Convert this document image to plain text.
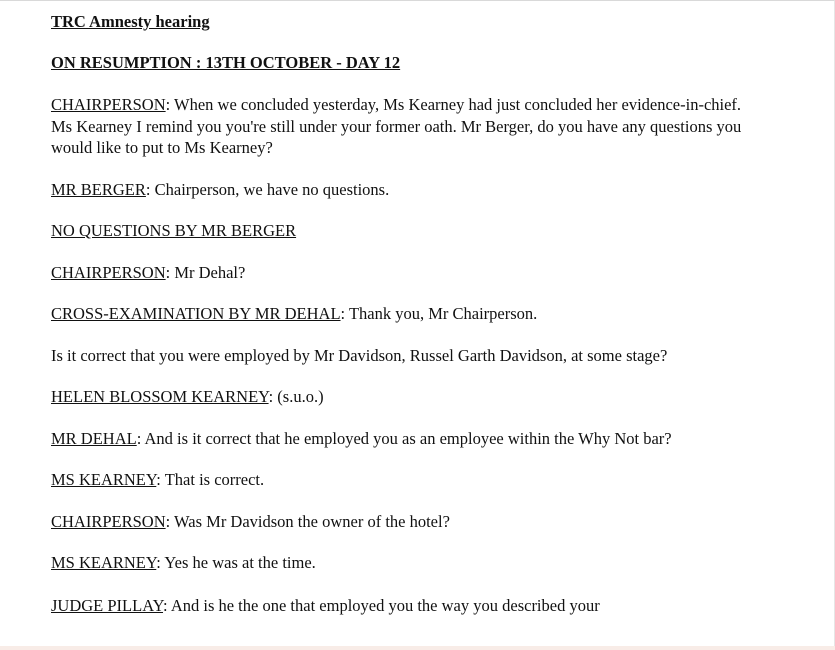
TRC Amnesty hearing
ON RESUMPTION : 13TH OCTOBER - DAY 12

CHAIRPERSON: When we concluded yesterday, Ms Kearney had just concluded her evidence-in-chief. Ms Kearney I remind you you're still under your former oath. Mr Berger, do you have any questions you would like to put to Ms Kearney?

MR BERGER: Chairperson, we have no questions.

NO QUESTIONS BY MR BERGER

CHAIRPERSON: Mr Dehal?

CROSS-EXAMINATION BY MR DEHAL: Thank you, Mr Chairperson.

Is it correct that you were employed by Mr Davidson, Russel Garth Davidson, at some stage?

HELEN BLOSSOM KEARNEY: (s.u.o.)

MR DEHAL: And is it correct that he employed you as an employee within the Why Not bar?

MS KEARNEY: That is correct.

CHAIRPERSON: Was Mr Davidson the owner of the hotel?

MS KEARNEY: Yes he was at the time.

JUDGE PILLAY: And is he the one that employed you the way you described your
